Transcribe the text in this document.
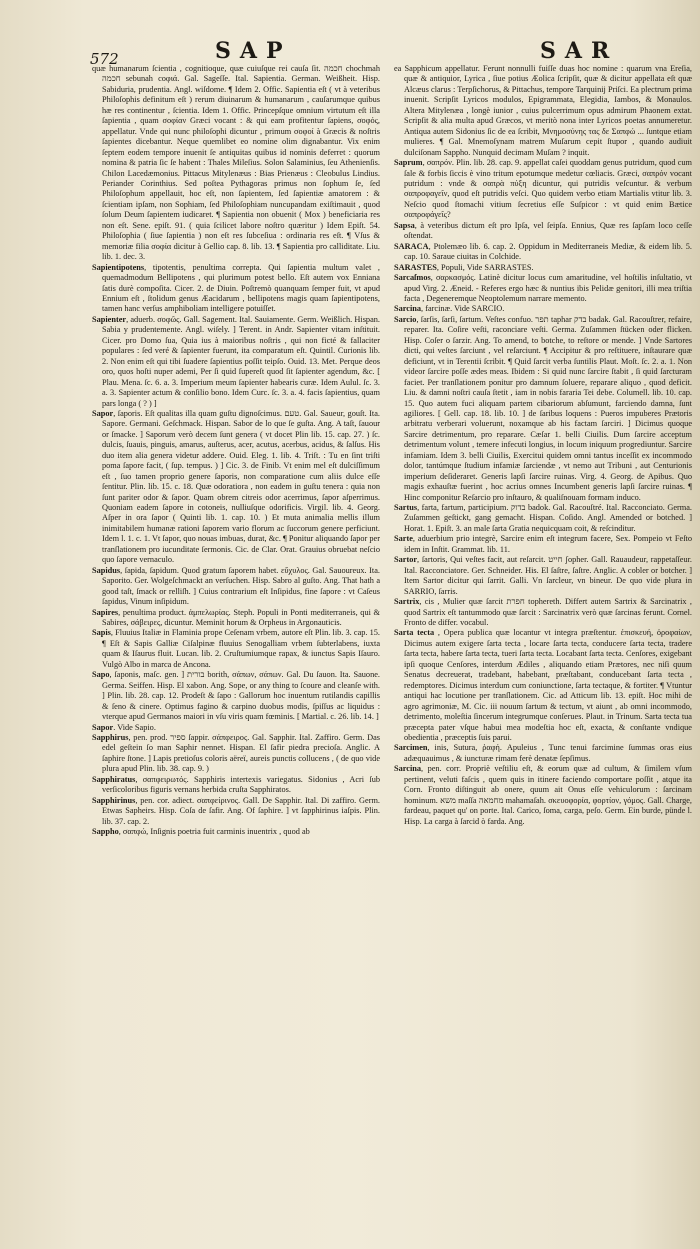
572	SAP	SAR

quæ humanarum ſcientia , cognitioque, quæ cuiuſque rei cauſa ſit. חכמה chochmah חכמה sebunah cοφιά. Gal. Sageſſe. Ital. Sapientia. German. Weißheit. Hisp. Sabiduria, prudentia. Angl. wiſdome. ¶ Idem 2. Offic. Sapientia eſt ( vt à veteribus Philoſophis definitum eſt ) rerum diuinarum & humanarum , cauſarumque quibus hæ res continentur , ſcientia. Idem 1. Offic. Princepſque omnium virtutum eſt illa ſapientia , quam σοφίαν Græci vocant : & qui eam profitentur ſapiens, σοφός, appellatur. Vnde qui nunc philoſophi dicuntur , primum σοφοί à Græcis & noſtris ſapientes dicebantur. Neque quemlibet eo nomine olim dignabantur. Vix enim ſeptem eodem tempore inuenit ſe antiquitas quibus id nominis deferret : quorum nomina & patria ſic ſe habent : Thales Mileſius. Solon Salaminius, ſeu Athenienſis. Chilon Lacedæmonius. Pittacus Mitylenæus : Bias Prienæus : Cleobulus Lindius. Periander Corinthius. Sed poſtea Pythagoras primus non ſophum ſe, ſed Philoſophum appellauit, hoc eſt, non ſapientem, ſed ſapientiæ amatorem : & ſcientiam ipſam, non Sophiam, ſed Philoſophiam nuncupandam exiſtimauit , quod ſolum Deum ſapientem iudicaret. ¶ Sapientia non obuenit ( Mox ) beneficiaria res non eſt. Sene. epiſt. 91. ( quia ſcilicet labore noſtro quæritur ) Idem Epiſt. 54. Philoſophia ( ſiue ſapientia ) non eſt res ſubceſiua : ordinaria res eſt. ¶ Vſus & memoriæ filia σοφία dicitur à Gellio cap. 8. lib. 13. ¶ Sapientia pro calliditate. Liu. lib. 1. dec. 3.

Sapientipotens, tipotentis, penultima correpta. Qui ſapientia multum valet , quemadmodum Bellipotens , qui plurimum potest bello. Eſt autem vox Enniana ſatis durè compoſita. Cicer. 2. de Diuin. Poſtremò quanquam ſemper fuit, vt apud Ennium eſt , ſtolidum genus Æacidarum , bellipotens magis quam ſapientipotens, tamen hanc verſus amphiboliam intelligere potuiſſet.

Sapienter, aduerb. σοφῶς. Gall. Sagement. Ital. Sauiamente. Germ. Weißlich. Hispan. Sabia y prudentemente. Angl. wiſely. ] Terent. in Andr. Sapienter vitam inſtituit. Cicer. pro Domo ſua, Quia ius à maioribus noſtris , qui non ficté & fallaciter populares : ſed veré & ſapienter fuerunt, ita comparatum eſt. Quintil. Curionis lib. 2. Non enim eſt qui tibi ſuadere ſapientius poſſit teipſo. Ouid. 13. Met. Perque deos oro, quos hoſti nuper ademi, Per ſi quid ſupereſt quod ſit ſapienter agendum, &c. [ Plau. Mena. ſc. 6. a. 3. Imperium meum ſapienter habearis curæ. Idem Aulul. ſc. 3. a. 3. Sapienter actum & conſilio bono. Idem Curc. ſc. 3. a. 4. facis ſapientius, quam pars longa ( ? ) ]

Sapor, ſaporis. Eſt qualitas illa quam guſtu dignoſcimus. טעם. Gal. Saueur, gouſt. Ita. Sapore. Germani. Geſchmack. Hispan. Sabor de lo que ſe guſta. Ang. A taſt, ſauour or ſmacke. ] Saporum verò decem ſunt genera ( vt docet Plin lib. 15. cap. 27. ) ſc. dulcis, ſuauis, pinguis, amarus, auſterus, acer, acutus, acerbus, acidus, & ſalſus. His duo item alia genera videtur addere. Ouid. Eleg. 1. lib. 4. Triſt. : Tu en ſint triſti poma ſapore facit, ( ſup. tempus. ) ] Cic. 3. de Finib. Vt enim mel eſt dulciſſimum eſt , ſuo tamen proprio genere ſaporis, non comparatione cum aliis dulce eſſe ſentitur. Plin. lib. 15. c. 18. Quæ odoratiora , non eadem in guſtu tenera : quia non ſunt pariter odor & ſapor. Quam obrem citreis odor acerrimus, ſapor aſperrimus. Quoniam eadem ſapore in cotoneis, nulliuſque odorificis. Virgil. lib. 4. Georg. Aſper in ora ſapor ( Quinti lib. 1. cap. 10. ) Et muta animalia mellis illum inimitabilem humanæ rationi ſaporem vario florum ac ſuccorum genere perficiunt. Idem l. 1. c. 1. Vt ſapor, quo nouas imbuas, durat, &c. ¶ Ponitur aliquando ſapor per tranſlationem pro iucunditate ſermonis. Cic. de Clar. Orat. Grauius obruebat neſcio quo ſapore vernaculo.

Sapidus, ſapida, ſapidum. Quod gratum ſaporem habet. εὔχυλος. Gal. Sauoureux. Ita. Saporito. Ger. Wolgeſchmackt an verſuchen. Hisp. Sabro al guſto. Ang. That hath a good taſt, ſmack or relliſh. ] Cuius contrarium eſt Inſipidus, fine ſapore : vt Caſeus ſapidus, Vinum inſipidum.

Sapires, penultima product. ἀμπελωρίας. Steph. Populi in Ponti mediterraneis, qui & Sabires, σάβειρες, dicuntur. Meminit horum & Orpheus in Argonauticis.

Sapis, Fluuius Italiæ in Flaminia prope Ceſenam vrbem, autore eſt Plin. lib. 3. cap. 15. ¶ Eſt & Sapis Galliæ Ciſalpinæ fluuius Senogalliam vrbem ſubterlabens, iuxta quam & Iſaurus fluit. Lucan. lib. 2. Cruſtumiumque rapax, & iunctus Sapis Iſauro. Vulgò Albo in marca de Ancona.

Sapo, ſaponis, maſc. gen. ] בורית borith, σάπων, σάπων. Gal. Du ſauon. Ita. Sauone. Germa. Seiffen. Hisp. El xabon. Ang. Sope, or any thing to ſcoure and cleanſe with. ] Plin. lib. 28. cap. 12. Prodeſt & ſapo : Gallorum hoc inuentum rutilandis capillis & ſeno & cinere. Optimus fagino & carpino duobus modis, ſpiſſus ac liquidus : vterque apud Germanos maiori in vſu viris quam fœminis. [ Martial. c. 26. lib. 14. ]

Sapor. Vide Sapio.

Sapphirus, pen. prod. ספיר ſappir. σάπφειρος. Gal. Sapphir. Ital. Zaffiro. Germ. Das edel geſtein ſo man Saphir nennet. Hispan. El ſafir piedra precioſa. Anglic. A ſaphire ſtone. ] Lapis pretioſus coloris aëreï, aureis punctis collucens , ( de quo vide plura apud Plin. lib. 38. cap. 9. )

Sapphiratus, σαπφειρωτός. Sapphiris intertexis variegatus. Sidonius , Acri ſub verſicoloribus figuris vernans herbida cruſta Sapphiratos.

Sapphirinus, pen. cor. adiect. σαπφείρινος. Gall. De Sapphir. Ital. Di zaffiro. Germ. Etwas Sapheirs. Hisp. Coſa de ſafir. Ang. Of ſaphire. ] vt ſapphirinus iaſpis. Plin. lib. 37. cap. 2.

Sappho, σαπφώ, Inſignis poetria fuit carminis inuentrix , quod ab

ea Sapphicum appellatur. Ferunt nonnulli fuiſſe duas hoc nomine : quarum vna Ereſia, quæ & antiquior, Lyrica , ſiue potius Æolica ſcripſit, quæ & dicitur appellata eſt quæ Alcæus clarus : Terpſichorus, & Pittachus, tempore Tarquinij Priſci. Ea plectrum prima inuenit. Scripſit Lyricos modulos, Epigrammata, Elegidia, Iambos, & Monaulos. Altera Mitylenæa , longè iunior , cuius pulcerrimum opus admirum Phaonem extat. Scripſit & alia multa apud Græcos, vt meritò nona inter Lyricos poetas annumeretur. Antiqua autem Sidonius ſic de ea ſcribit, Μνημοσύνης τας δε Σαπφώ ... ſuntque etiam mulieres. ¶ Gal. Mnemoſynam matrem Muſarum cepit ſtupor , quando audiuit dulciſonam Sappho. Nunquid decimam Muſam ? inquit.

Saprum, σαπρόν. Plin. lib. 28. cap. 9. appellat caſei quoddam genus putridum, quod cum ſale & forbis ſiccis è vino tritum epotumque medetur cœliacis. Græci, σαπρόν vocant putridum : vnde & σαπρὰ πύξη dicuntur, qui putridis veſcuntur. & verbum σαπροφαγεῖν, quod eſt putridis veſci. Quo quidem verbo etiam Martialis vtitur lib. 3. Neſcio quod ſtomachi vitium ſecretius eſſe Suſpicor : vt quid enim Bætice σαπροφάγεῖς?

Sapsa, à veteribus dictum eſt pro Ipſa, vel ſeipſa. Ennius, Quæ res ſapſam loco ceſſe oſtendat.

SARACA, Ptolemæo lib. 6. cap. 2. Oppidum in Mediterraneis Mediæ, & eidem lib. 5. cap. 10. Saraue ciuitas in Colchide.

SARASTES, Populi, Vide SARRASTES.

Sarcaſmos, σαρκασμός. Latinè dicitur locus cum amaritudine, vel hoſtilis inſultatio, vt apud Virg. 2. Æneid. - Referes ergo hæc & nuntius ibis Pelidæ genitori, illi mea triſtia facta , Degeneremque Neoptolemum narrare memento.

Sarcina, farcinæ. Vide SARCIO.

Sarcio, ſarſis, ſarſi, ſartum. Veſtes confuo. תפר taphar בדק badak. Gal. Racouſtrer, refaire, reparer. Ita. Coſire veſti, raconciare veſti. Germa. Zuſammen ſtücken oder flicken. Hisp. Coſer o ſarzir. Ang. To amend, to botche, to reſtore or mende. ] Vnde Sartores dicti, qui veſtes ſarciunt , vel reſarciunt. ¶ Accipitur & pro reſtituere, inſtaurare quæ deficiunt, vt in Terentii ſcribit. ¶ Quid ſarcit verba ſuntilis Plaut. Moſt. ſc. 2. a. 1. Non videor ſarcire poſſe ædes meas. Ibidem : Si quid nunc ſarcire ſtabit , ſi quid ſarcturam faciet. Per tranſlationem ponitur pro damnum ſoluere, reparare aliquo , quod deficit. Liu. & damni noſtri cauſa ſtetit , iam in nobis fararia Tei debe. Columell. lib. 10. cap. 15. Quo autem fuci aliquam partem cibariorum abſumunt, farciendo damna, ſunt agiliores. [ Gell. cap. 18. lib. 10. ] de ſaribus loquens : Pueros impuberes Prætoris arbitratu verberari voluerunt, noxamque ab his factam ſarciri. ] Dicimus quoque Sarcire detrimentum, pro reparare. Cæſar 1. belli Ciuilis. Dum ſarcire acceptum detrimentum volunt , temere infecuti longius, in locum iniquum progrediuntur. Sarcire infamiam. Idem 3. belli Ciuilis, Exercitui quidem omni tantus inceſſit ex incommodo dolor, tantúmque ſtudium infamiæ ſarciendæ , vt nemo aut Tribuni , aut Centurionis imperium deſideraret. Generis lapſi ſarcire ruinas. Virg. 4. Georg. de Apibus. Quo magis exhauſtæ fuerint , hoc acrius omnes Incumbent generis lapſi ſarcire ruinas. ¶ Hinc componitur Reſarcio pro inſtauro, & qualiſnouam formam induco.

Sartus, farta, fartum, participium. בדוק badok. Gal. Racouſtré. Ital. Racconciato. Germa. Zuſammen geſtickt, gang gemacht. Hispan. Coſido. Angl. Amended or botched. ] Horat. 1. Epiſt. 3. an male ſarta Gratia nequicquam coit, & reſcinditur.

Sarte, aduerbium prio integrè, Sarcire enim eſt integrum facere, Sex. Pompeio vt Feſto idem in Inſtit. Grammat. lib. 11.

Sartor, ſartoris, Qui veſtes facit, aut reſarcit. חייט ʃopher. Gall. Rauaudeur, rappetaſſeur. Ital. Racconciatore. Ger. Schneider. His. El ſaſtre, ſaſtre. Anglic. A cobler or botcher. ] Item Sartor dicitur qui ſarrit. Galli. Vn ſarcleur, vn bineur. De quo vide plura in SARRIO, ſarris.

Sartrix, cis , Mulier quæ ſarcit חפרת tophereth. Differt autem Sartrix & Sarcinatrix , quod Sartrix eſt tantummodo quæ ſarcit : Sarcinatrix verò quæ ſarcinas ferunt. Cornel. Fronto de differ. vocabul.

Sarta tecta , Opera publica quæ locantur vt integra præſtentur. ἐπισκευή, ὀροφαίων, Dicimus autem exigere ſarta tecta , locare ſarta tecta, conducere ſarta tecta, tradere ſarta tecta, habere ſarta tecta, tueri ſarta tecta. Locabant ſarta tecta. Cenſores, exigebant ipſi quoque Cenſores, interdum Ædiles , aliquando etiam Prætores, nec niſi quum Senatus decreuerat, tradebant, habebant, præſtabant, conducebant ſarta tecta , redemptores. Dicimus interdum cum coniunctione, ſarta tectaque, & fortiter. ¶ Vtuntur antiqui hac locutione per tranſlationem. Cic. ad Atticum lib. 13. epiſt. Hoc mihi de agro agrimoniæ, M. Cic. iii nouum ſartum & tectum, vt aiunt , ab omni incommodo, detrimento, moleſtia ſincerum integrumque conſerues. Plaut. in Trinum. Sarta tecta tua præcepta pater vſque habui mea modeſtia hoc eſt, exacta, & conſtante vndique obedientia , præceptis ſuis parui.

Sarcimen, inis, Sutura, ῥαφή. Apuleius , Tunc tenui farcimine ſummas oras eius adæquauimus , & iuncturæ rimam ferè denatæ ſepſimus.

Sarcina, pen. corr. Propriè veſtiliu eſt, & eorum quæ ad cultum, & ſimilem vſum pertinent, veluti faſcis , quem quis in itinere faciendo comportare poſſit , atque ita Corn. Fronto diſtinguit ab onere, quum ait Onus eſſe vehiculorum : ſarcinam hominum. משא maſſa מחמאה mahamaſah. σκευοφορία, φορτίον, γόμος. Gall. Charge, fardeau, paquet qu' on porte. Ital. Carico, ſoma, carga, peſo. Germ. Ein burde, pünde l. Hisp. La carga à ſarcid ò farda. Ang.
